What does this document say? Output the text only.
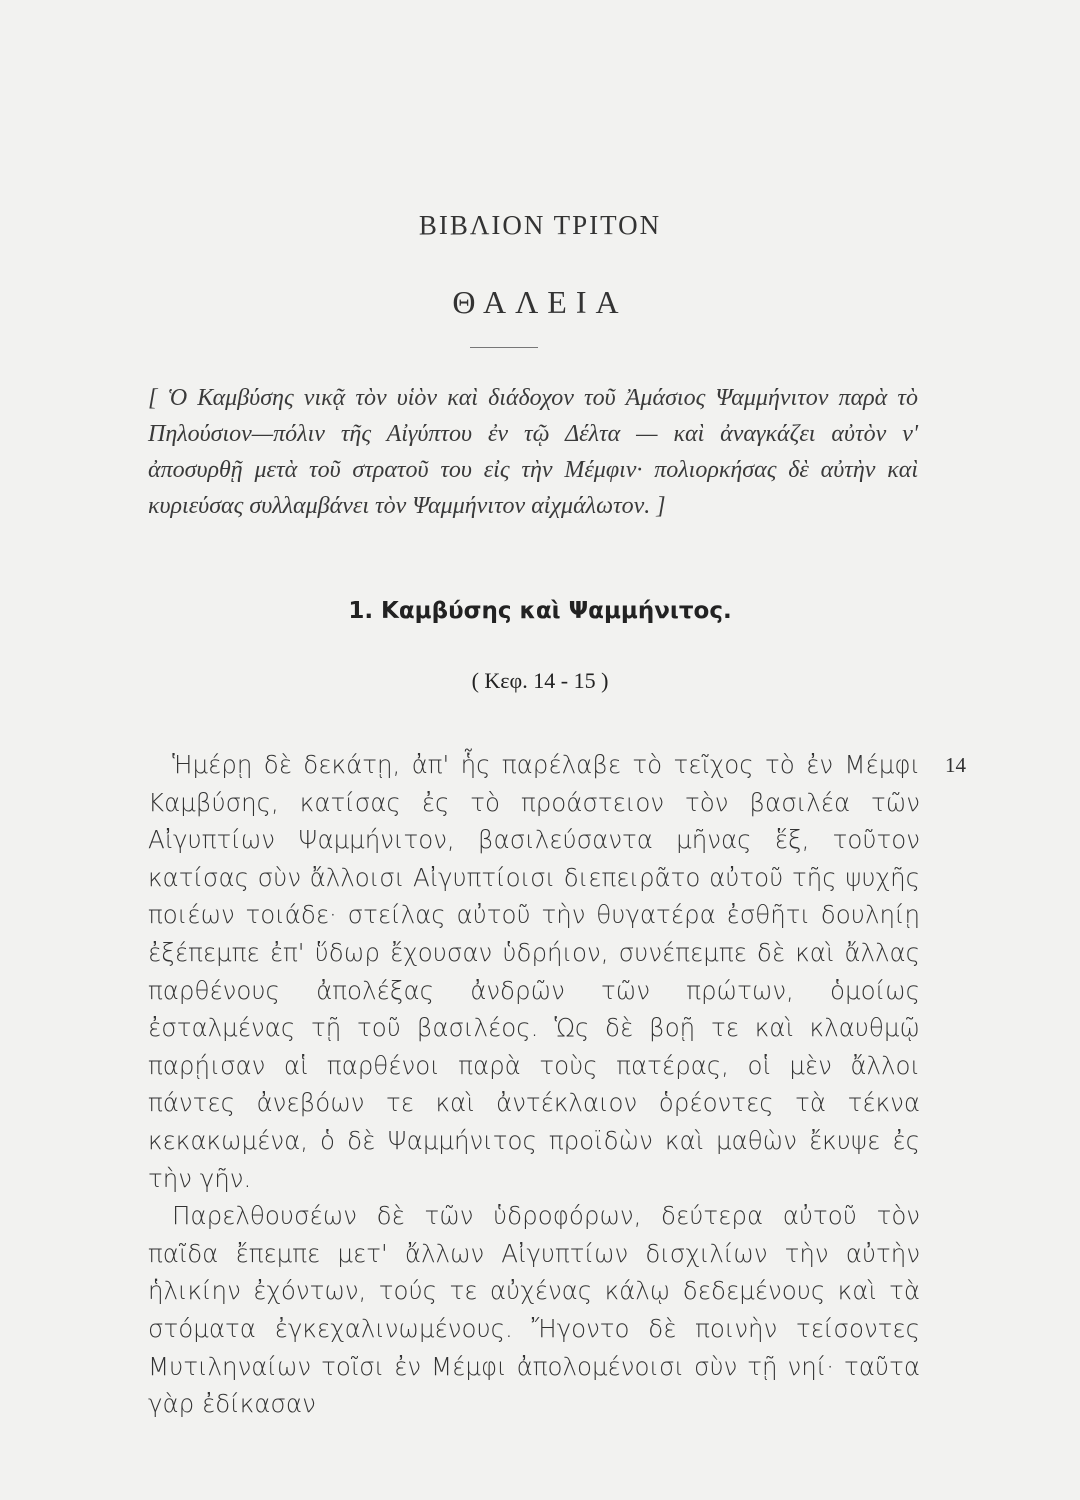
ΒΙΒΛΙΟΝ ΤΡΙΤΟΝ
ΘΑΛΕΙΑ
[ Ὁ Καμβύσης νικᾷ τὸν υἱὸν καὶ διάδοχον τοῦ Ἀμάσιος Ψαμμήνιτον παρὰ τὸ Πηλούσιον—πόλιν τῆς Αἰγύπτου ἐν τῷ Δέλτα — καὶ ἀναγκάζει αὐτὸν ν' ἀποσυρθῇ μετὰ τοῦ στρατοῦ του εἰς τὴν Μέμφιν· πολιορκήσας δὲ αὐτὴν καὶ κυριεύσας συλλαμβάνει τὸν Ψαμμήνιτον αἰχμάλωτον. ]
1. Καμβύσης καὶ Ψαμμήνιτος.
( Κεφ. 14 - 15 )
14

Ἡμέρῃ δὲ δεκάτῃ, ἀπ' ἧς παρέλαβε τὸ τεῖχος τὸ ἐν Μέμφι Καμβύσης, κατίσας ἐς τὸ προάστειον τὸν βασιλέα τῶν Αἰγυπτίων Ψαμμήνιτον, βασιλεύσαντα μῆνας ἕξ, τοῦτον κατίσας σὺν ἄλλοισι Αἰγυπτίοισι διεπειρᾶτο αὐτοῦ τῆς ψυχῆς ποιέων τοιάδε· στείλας αὐτοῦ τὴν θυγατέρα ἐσθῆτι δουληίῃ ἐξέπεμπε ἐπ' ὕδωρ ἔχουσαν ὑδρήιον, συνέπεμπε δὲ καὶ ἄλλας παρθένους ἀπολέξας ἀνδρῶν τῶν πρώτων, ὁμοίως ἐσταλμένας τῇ τοῦ βασιλέος. Ὡς δὲ βοῇ τε καὶ κλαυθμῷ παρῄισαν αἱ παρθένοι παρὰ τοὺς πατέρας, οἱ μὲν ἄλλοι πάντες ἀνεβόων τε καὶ ἀντέκλαιον ὁρέοντες τὰ τέκνα κεκακωμένα, ὁ δὲ Ψαμμήνιτος προϊδὼν καὶ μαθὼν ἔκυψε ἐς τὴν γῆν.

Παρελθουσέων δὲ τῶν ὑδροφόρων, δεύτερα αὐτοῦ τὸν παῖδα ἔπεμπε μετ' ἄλλων Αἰγυπτίων δισχιλίων τὴν αὐτὴν ἡλικίην ἐχόντων, τούς τε αὐχένας κάλῳ δεδεμένους καὶ τὰ στόματα ἐγκεχαλινωμένους. Ἤγοντο δὲ ποινὴν τείσοντες Μυτιληναίων τοῖσι ἐν Μέμφι ἀπολομένοισι σὺν τῇ νηί· ταῦτα γὰρ ἐδίκασαν
